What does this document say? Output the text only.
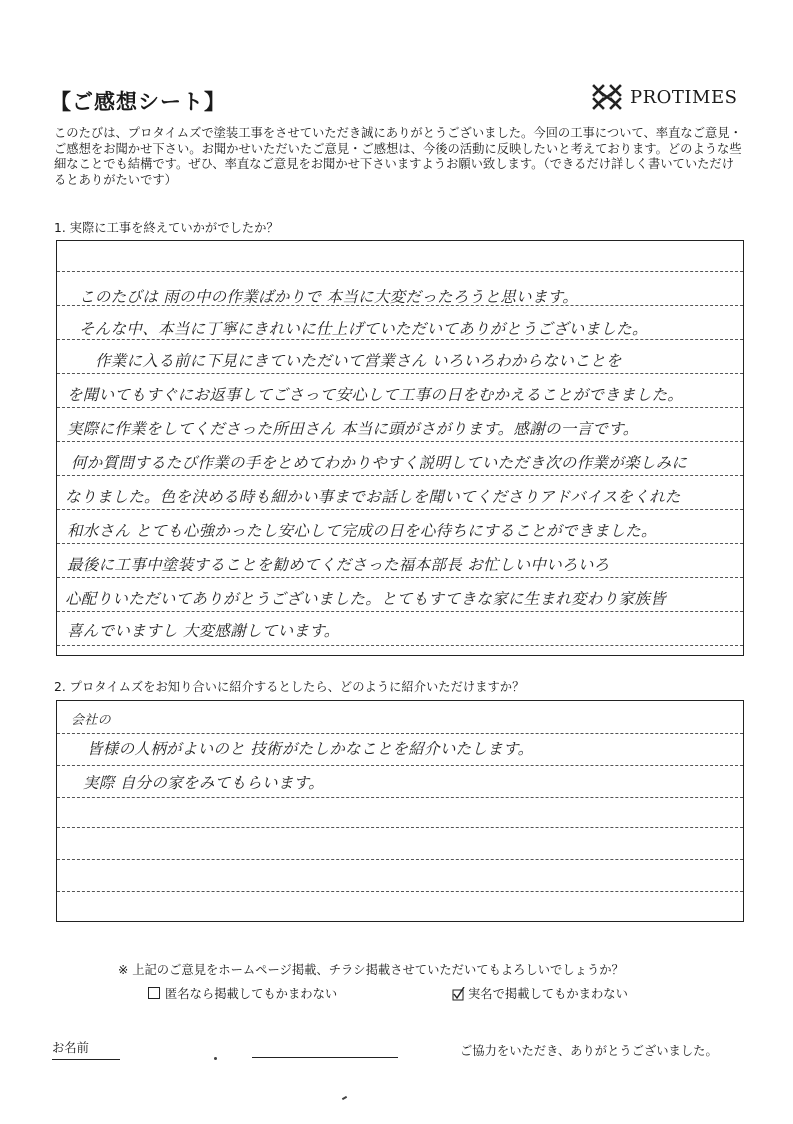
【ご感想シート】	PROTIMES
このたびは、プロタイムズで塗装工事をさせていただき誠にありがとうございました。今回の工事について、率直なご意見・ご感想をお聞かせ下さい。お聞かせいただいたご意見・ご感想は、今後の活動に反映したいと考えております。どのような些細なことでも結構です。ぜひ、率直なご意見をお聞かせ下さいますようお願い致します。（できるだけ詳しく書いていただけるとありがたいです）
1. 実際に工事を終えていかがでしたか？
このたびは 雨の中の作業ばかりで 本当に大変だったろうと思います。
そんな中、本当に丁寧にきれいに仕上げていただいてありがとうございました。
作業に入る前に下見にきていただいて営業さん いろいろわからないことを
を聞いてもすぐにお返事してごさって安心して工事の日をむかえることができました。
実際に作業をしてくださった所田さん 本当に頭がさがります。感謝の一言です。
何か質問するたび作業の手をとめてわかりやすく説明していただき次の作業が楽しみに
なりました。色を決める時も細かい事までお話しを聞いてくださりアドバイスをくれた
和水さん とても心強かったし安心して完成の日を心待ちにすることができました。
最後に工事中塗装することを勧めてくださった福本部長 お忙しい中いろいろ
心配りいただいてありがとうございました。とてもすてきな家に生まれ変わり家族皆
喜んでいますし 大変感謝しています。
2. プロタイムズをお知り合いに紹介するとしたら、どのように紹介いただけますか？
会社の
皆様の人柄がよいのと 技術がたしかなことを紹介いたします。
実際 自分の家をみてもらいます。
※ 上記のご意見をホームページ掲載、チラシ掲載させていただいてもよろしいでしょうか？
匿名なら掲載してもかまわない	実名で掲載してもかまわない
お名前	ご協力をいただき、ありがとうございました。
